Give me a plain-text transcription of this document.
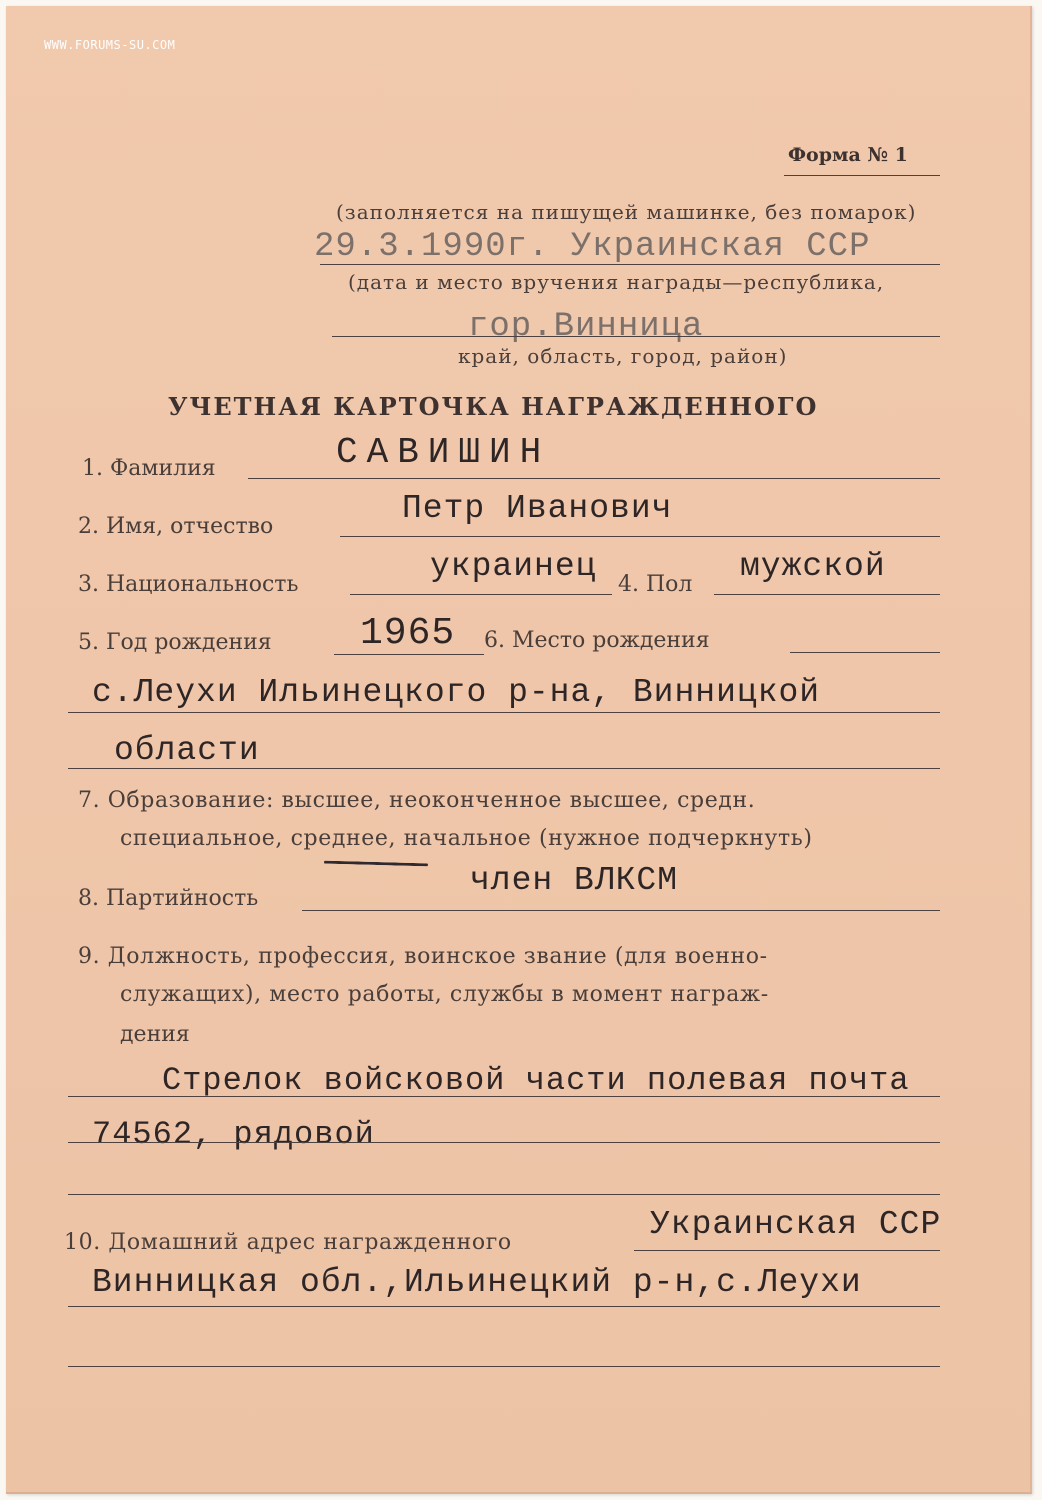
WWW.FORUMS-SU.COM
Форма № 1
(заполняется на пишущей машинке, без помарок)
29.3.1990г. Украинская ССР
(дата и место вручения награды—республика,
гор.Винница
край, область, город, район)
УЧЕТНАЯ КАРТОЧКА НАГРАЖДЕННОГО
1. Фамилия	САВИШИН
2. Имя, отчество	Петр Иванович
3. Национальность	украинец 4. Пол мужской
5. Год рождения 1965 6. Место рождения
с.Леухи Ильинецкого р-на, Винницкой
области
7. Образование: высшее, неоконченное высшее, средн.
специальное, среднее, начальное (нужное подчеркнуть)
8. Партийность	член ВЛКСМ
9. Должность, профессия, воинское звание (для военно-
служащих), место работы, службы в момент награж-
дения
Стрелок войсковой части полевая почта
74562, рядовой
10. Домашний адрес награжденного	Украинская ССР
Винницкая обл.,Ильинецкий р-н,с.Леухи
